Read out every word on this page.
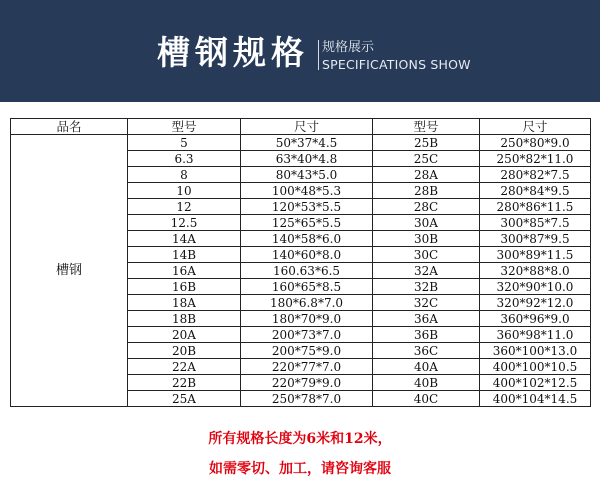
槽钢规格 规格展示
SPECIFICATIONS SHOW
品名	型号	尺寸	型号	尺寸
槽钢	5	50*37*4.5	25B	250*80*9.0
	6.3	63*40*4.8	25C	250*82*11.0
	8	80*43*5.0	28A	280*82*7.5
	10	100*48*5.3	28B	280*84*9.5
	12	120*53*5.5	28C	280*86*11.5
	12.5	125*65*5.5	30A	300*85*7.5
	14A	140*58*6.0	30B	300*87*9.5
	14B	140*60*8.0	30C	300*89*11.5
	16A	160.63*6.5	32A	320*88*8.0
	16B	160*65*8.5	32B	320*90*10.0
	18A	180*6.8*7.0	32C	320*92*12.0
	18B	180*70*9.0	36A	360*96*9.0
	20A	200*73*7.0	36B	360*98*11.0
	20B	200*75*9.0	36C	360*100*13.0
	22A	220*77*7.0	40A	400*100*10.5
	22B	220*79*9.0	40B	400*102*12.5
	25A	250*78*7.0	40C	400*104*14.5
所有规格长度为6米和12米，
如需零切、加工，请咨询客服
